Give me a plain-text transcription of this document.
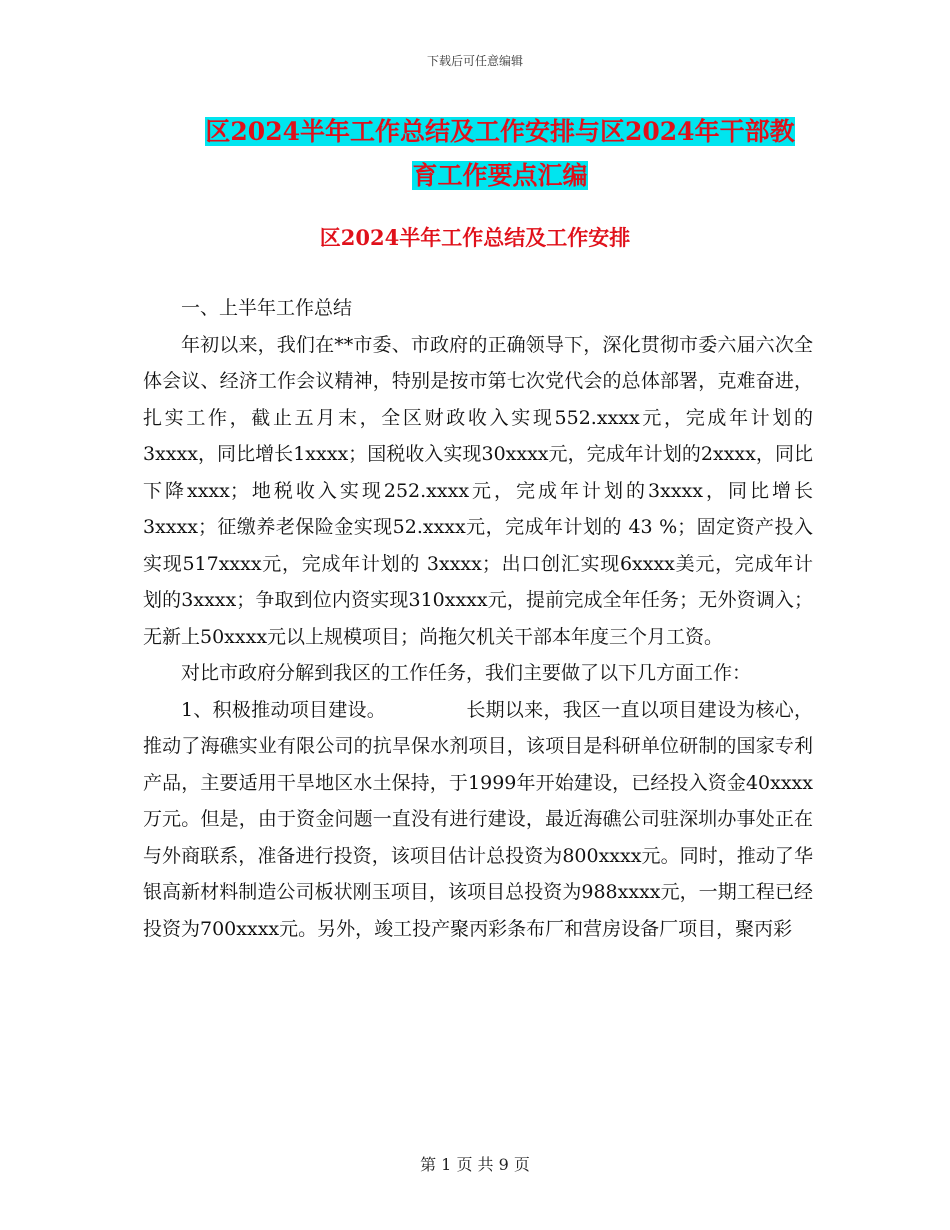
下载后可任意编辑
区2024半年工作总结及工作安排与区2024年干部教
育工作要点汇编
区2024半年工作总结及工作安排

一、上半年工作总结

年初以来，我们在**市委、市政府的正确领导下，深化贯彻市委六届六次全体会议、经济工作会议精神，特别是按市第七次党代会的总体部署，克难奋进，扎实工作，截止五月末，全区财政收入实现552.xxxx元，完成年计划的3xxxx，同比增长1xxxx；国税收入实现30xxxx元，完成年计划的2xxxx，同比下降xxxx；地税收入实现252.xxxx元，完成年计划的3xxxx，同比增长3xxxx；征缴养老保险金实现52.xxxx元，完成年计划的 43 %；固定资产投入实现517xxxx元，完成年计划的 3xxxx；出口创汇实现6xxxx美元，完成年计划的3xxxx；争取到位内资实现310xxxx元，提前完成全年任务；无外资调入；无新上50xxxx元以上规模项目；尚拖欠机关干部本年度三个月工资。

对比市政府分解到我区的工作任务，我们主要做了以下几方面工作：

1、积极推动项目建设。	长期以来，我区一直以项目建设为核心，推动了海礁实业有限公司的抗旱保水剂项目，该项目是科研单位研制的国家专利产品，主要适用干旱地区水土保持，于1999年开始建设，已经投入资金40xxxx万元。但是，由于资金问题一直没有进行建设，最近海礁公司驻深圳办事处正在与外商联系，准备进行投资，该项目估计总投资为800xxxx元。同时，推动了华银高新材料制造公司板状刚玉项目，该项目总投资为988xxxx元，一期工程已经投资为700xxxx元。另外，竣工投产聚丙彩条布厂和营房设备厂项目，聚丙彩

第 1 页 共 9 页
